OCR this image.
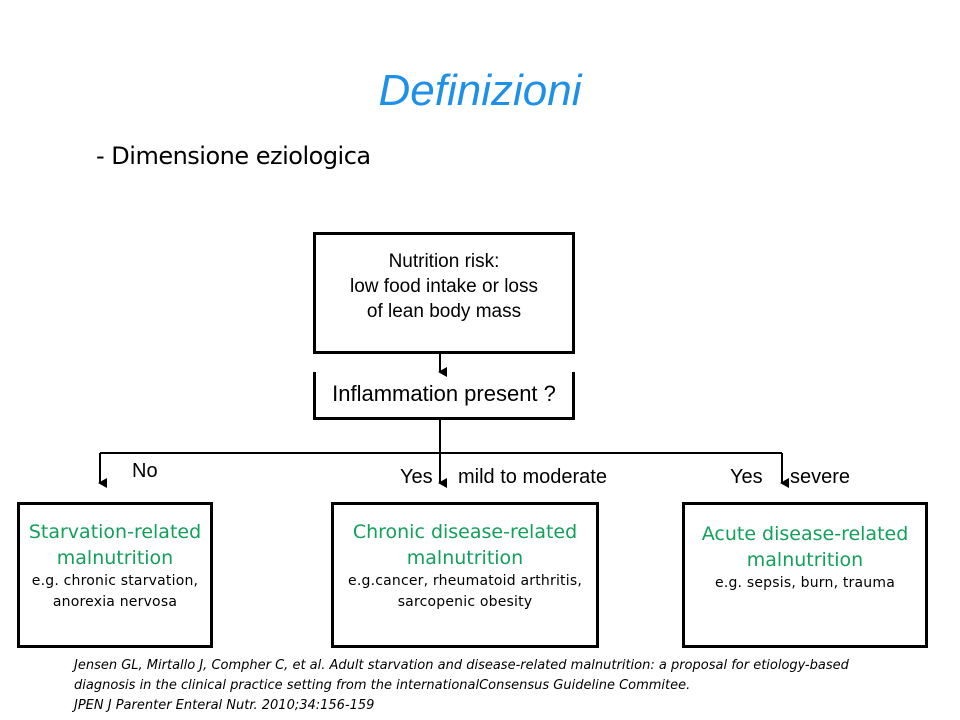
Definizioni
- Dimensione eziologica
Nutrition risk:
low food intake or loss
of lean body mass
Inflammation present ?
No	Yes mild to moderate	Yes severe
Starvation-related
malnutrition
e.g. chronic starvation,
anorexia nervosa
Chronic disease-related
malnutrition
e.g.cancer, rheumatoid arthritis,
sarcopenic obesity
Acute disease-related
malnutrition
e.g. sepsis, burn, trauma
Jensen GL, Mirtallo J, Compher C, et al. Adult starvation and disease-related malnutrition: a proposal for etiology-based
diagnosis in the clinical practice setting from the internationalConsensus Guideline Commitee.
JPEN J Parenter Enteral Nutr. 2010;34:156-159
